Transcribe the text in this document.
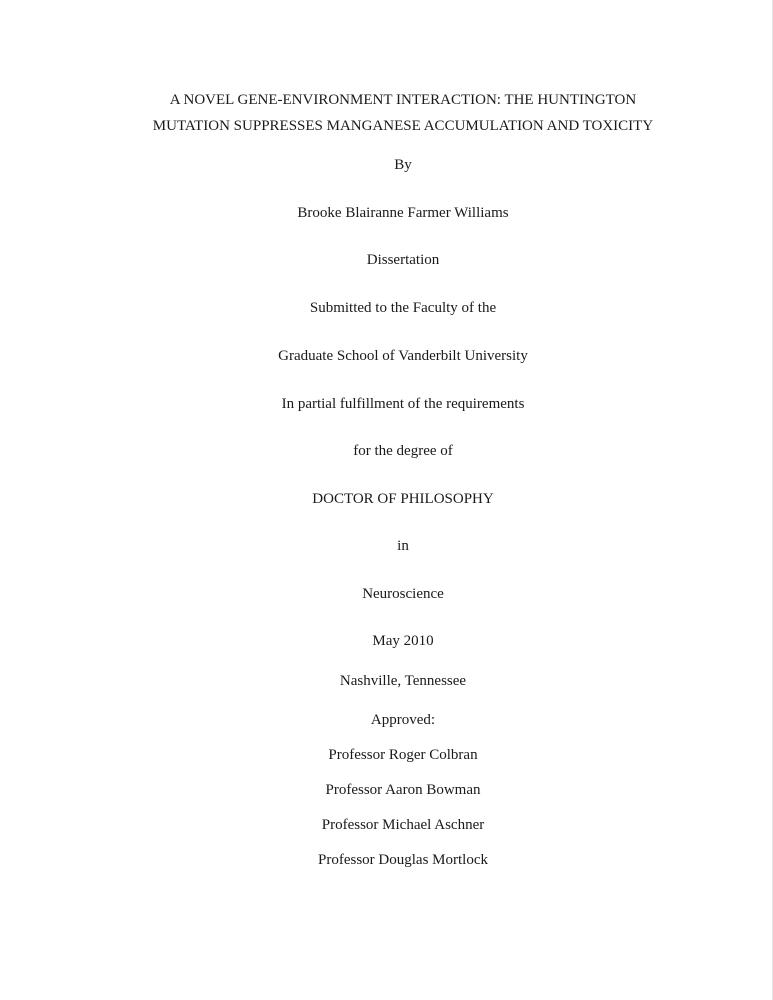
A NOVEL GENE-ENVIRONMENT INTERACTION: THE HUNTINGTON
MUTATION SUPPRESSES MANGANESE ACCUMULATION AND TOXICITY
By
Brooke Blairanne Farmer Williams
Dissertation
Submitted to the Faculty of the
Graduate School of Vanderbilt University
In partial fulfillment of the requirements
for the degree of
DOCTOR OF PHILOSOPHY
in
Neuroscience
May 2010
Nashville, Tennessee
Approved:
Professor Roger Colbran
Professor Aaron Bowman
Professor Michael Aschner
Professor Douglas Mortlock
